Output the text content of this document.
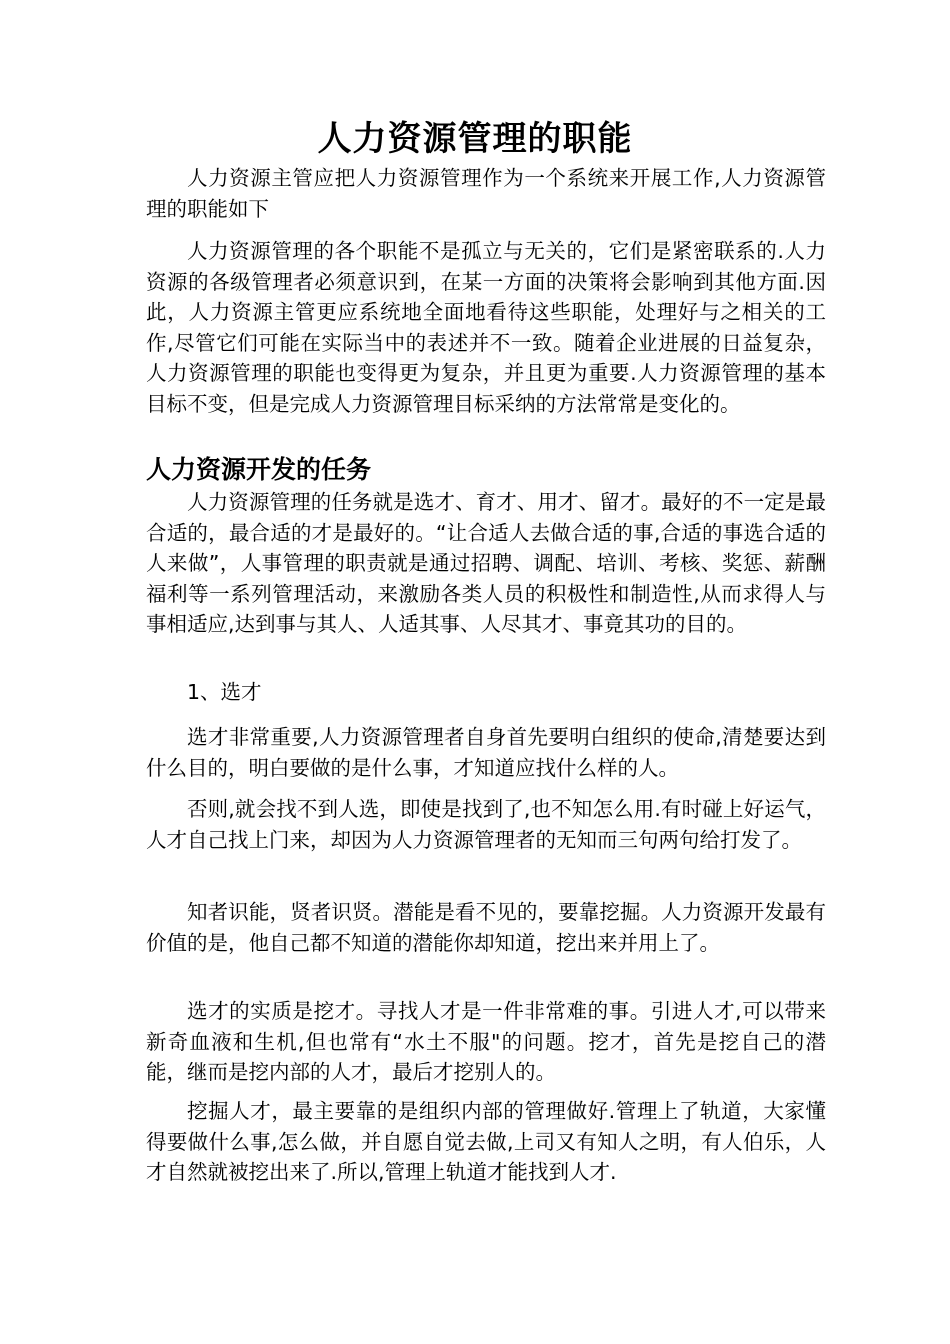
人力资源管理的职能

人力资源主管应把人力资源管理作为一个系统来开展工作,人力资源管理的职能如下

人力资源管理的各个职能不是孤立与无关的，它们是紧密联系的.人力资源的各级管理者必须意识到，在某一方面的决策将会影响到其他方面.因此，人力资源主管更应系统地全面地看待这些职能，处理好与之相关的工作,尽管它们可能在实际当中的表述并不一致。随着企业进展的日益复杂，人力资源管理的职能也变得更为复杂，并且更为重要.人力资源管理的基本目标不变，但是完成人力资源管理目标采纳的方法常常是变化的。

人力资源开发的任务

人力资源管理的任务就是选才、育才、用才、留才。最好的不一定是最合适的，最合适的才是最好的。“让合适人去做合适的事,合适的事选合适的人来做”，人事管理的职责就是通过招聘、调配、培训、考核、奖惩、薪酬福利等一系列管理活动，来激励各类人员的积极性和制造性,从而求得人与事相适应,达到事与其人、人适其事、人尽其才、事竟其功的目的。

1、选才

选才非常重要,人力资源管理者自身首先要明白组织的使命,清楚要达到什么目的，明白要做的是什么事，才知道应找什么样的人。

否则,就会找不到人选，即使是找到了,也不知怎么用.有时碰上好运气，人才自己找上门来，却因为人力资源管理者的无知而三句两句给打发了。

知者识能，贤者识贤。潜能是看不见的，要靠挖掘。人力资源开发最有价值的是，他自己都不知道的潜能你却知道，挖出来并用上了。

选才的实质是挖才。寻找人才是一件非常难的事。引进人才,可以带来新奇血液和生机,但也常有“水土不服"的问题。挖才，首先是挖自己的潜能，继而是挖内部的人才，最后才挖别人的。

挖掘人才，最主要靠的是组织内部的管理做好.管理上了轨道，大家懂得要做什么事,怎么做，并自愿自觉去做,上司又有知人之明，有人伯乐，人才自然就被挖出来了.所以,管理上轨道才能找到人才.
